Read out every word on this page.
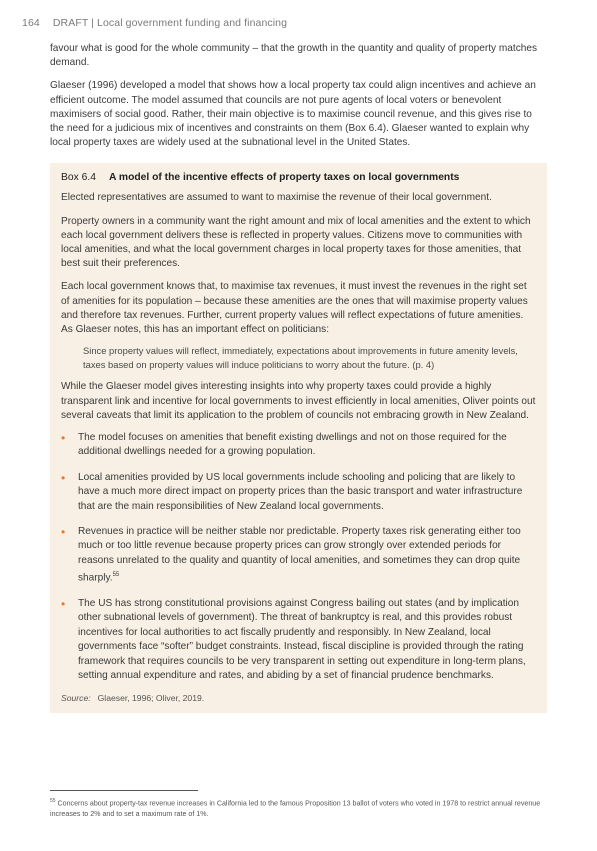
164 DRAFT | Local government funding and financing

favour what is good for the whole community – that the growth in the quantity and quality of property matches demand.

Glaeser (1996) developed a model that shows how a local property tax could align incentives and achieve an efficient outcome. The model assumed that councils are not pure agents of local voters or benevolent maximisers of social good. Rather, their main objective is to maximise council revenue, and this gives rise to the need for a judicious mix of incentives and constraints on them (Box 6.4). Glaeser wanted to explain why local property taxes are widely used at the subnational level in the United States.

Box 6.4 A model of the incentive effects of property taxes on local governments

Elected representatives are assumed to want to maximise the revenue of their local government.

Property owners in a community want the right amount and mix of local amenities and the extent to which each local government delivers these is reflected in property values. Citizens move to communities with local amenities, and what the local government charges in local property taxes for those amenities, that best suit their preferences.

Each local government knows that, to maximise tax revenues, it must invest the revenues in the right set of amenities for its population – because these amenities are the ones that will maximise property values and therefore tax revenues. Further, current property values will reflect expectations of future amenities. As Glaeser notes, this has an important effect on politicians:

Since property values will reflect, immediately, expectations about improvements in future amenity levels, taxes based on property values will induce politicians to worry about the future. (p. 4)

While the Glaeser model gives interesting insights into why property taxes could provide a highly transparent link and incentive for local governments to invest efficiently in local amenities, Oliver points out several caveats that limit its application to the problem of councils not embracing growth in New Zealand.

•	The model focuses on amenities that benefit existing dwellings and not on those required for the additional dwellings needed for a growing population.
•	Local amenities provided by US local governments include schooling and policing that are likely to have a much more direct impact on property prices than the basic transport and water infrastructure that are the main responsibilities of New Zealand local governments.
•	Revenues in practice will be neither stable nor predictable. Property taxes risk generating either too much or too little revenue because property prices can grow strongly over extended periods for reasons unrelated to the quality and quantity of local amenities, and sometimes they can drop quite sharply.$^{55}$
•	The US has strong constitutional provisions against Congress bailing out states (and by implication other subnational levels of government). The threat of bankruptcy is real, and this provides robust incentives for local authorities to act fiscally prudently and responsibly. In New Zealand, local governments face “softer” budget constraints. Instead, fiscal discipline is provided through the rating framework that requires councils to be very transparent in setting out expenditure in long-term plans, setting annual expenditure and rates, and abiding by a set of financial prudence benchmarks.
Source: Glaeser, 1996; Oliver, 2019.
$^{55}$ Concerns about property-tax revenue increases in California led to the famous Proposition 13 ballot of voters who voted in 1978 to restrict annual revenue increases to 2% and to set a maximum rate of 1%.
